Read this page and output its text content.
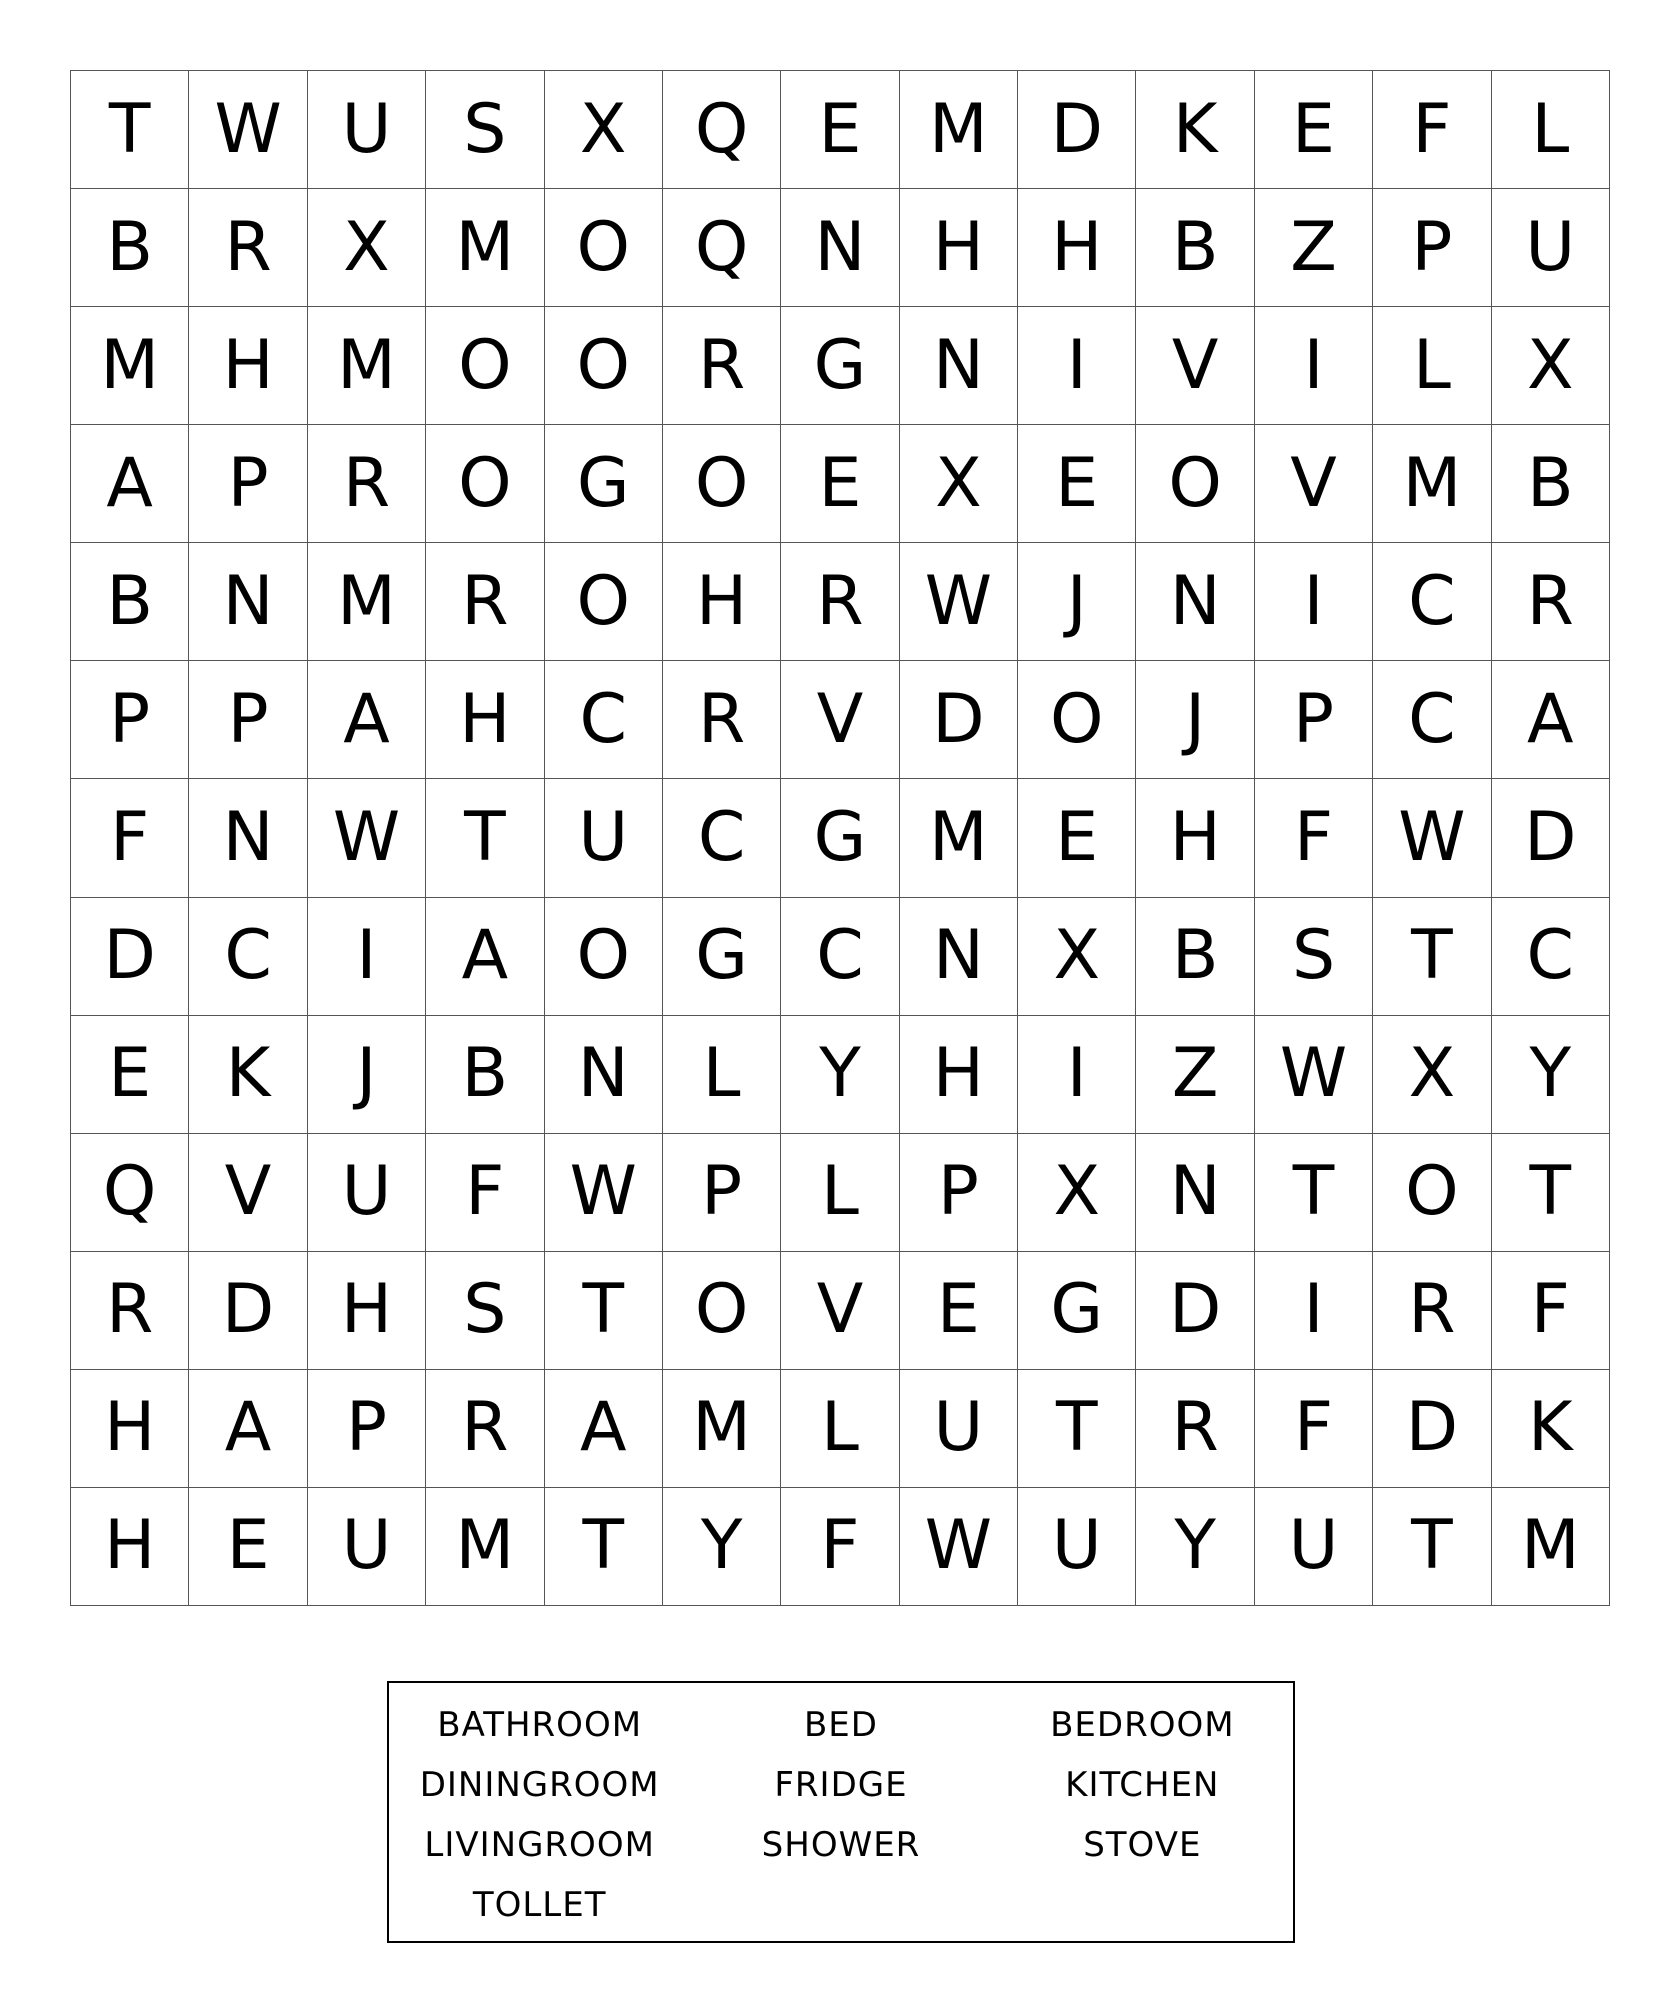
T W U	S	X	Q	E M D	K	E	F	L
B	R	X M O Q N H H	B	Z	P	U
M H M O O	R	G N	I	V	I	L	X
A	P	R O G O	E	X	E	O	V M B
B	N M R	O H	R W	J	N	I	C	R
P	P	A	H	C	R	V	D O	J	P	C	A
F	N W T	U	C	G M E	H	F W D
D	C	I	A	O G	C	N	X	B	S	T	C
E	K	J	B	N	L	Y	H	I	Z W X	Y
Q	V	U	F W P	L	P	X	N	T	O	T
R	D H	S	T	O	V	E	G D	I	R	F
H	A	P	R	A M	L	U	T	R	F	D	K
H	E	U M	T	Y	F W U	Y	U	T	M
BATHROOM	BED	BEDROOM
DININGROOM	FRIDGE	KITCHEN
LIVINGROOM	SHOWER	STOVE
TOLLET
